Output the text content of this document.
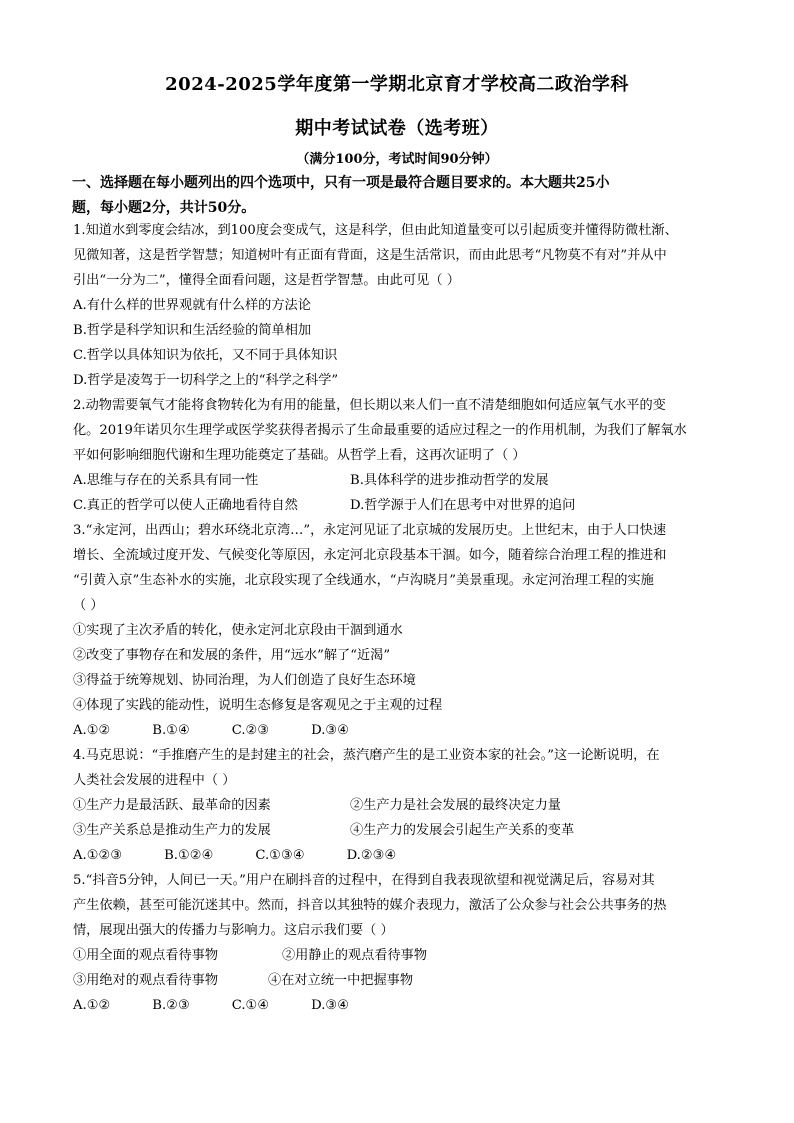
2024-2025学年度第一学期北京育才学校高二政治学科
期中考试试卷（选考班）
（满分100分，考试时间90分钟）
一、选择题在每小题列出的四个选项中，只有一项是最符合题目要求的。本大题共25小
题，每小题2分，共计50分。
1.知道水到零度会结冰，到100度会变成气，这是科学，但由此知道量变可以引起质变并懂得防微杜渐、
见微知著，这是哲学智慧；知道树叶有正面有背面，这是生活常识，而由此思考“凡物莫不有对”并从中
引出“一分为二”，懂得全面看问题，这是哲学智慧。由此可见（ ）
A.有什么样的世界观就有什么样的方法论
B.哲学是科学知识和生活经验的简单相加
C.哲学以具体知识为依托，又不同于具体知识
D.哲学是凌驾于一切科学之上的“科学之科学”
2.动物需要氧气才能将食物转化为有用的能量，但长期以来人们一直不清楚细胞如何适应氧气水平的变
化。2019年诺贝尔生理学或医学奖获得者揭示了生命最重要的适应过程之一的作用机制，为我们了解氧水
平如何影响细胞代谢和生理功能奠定了基础。从哲学上看，这再次证明了（ ）
A.思维与存在的关系具有同一性	B.具体科学的进步推动哲学的发展
C.真正的哲学可以使人正确地看待自然	D.哲学源于人们在思考中对世界的追问
3.“永定河，出西山；碧水环绕北京湾…”，永定河见证了北京城的发展历史。上世纪末，由于人口快速
增长、全流域过度开发、气候变化等原因，永定河北京段基本干涸。如今，随着综合治理工程的推进和
“引黄入京”生态补水的实施，北京段实现了全线通水，“卢沟晓月”美景重现。永定河治理工程的实施
（ ）
①实现了主次矛盾的转化，使永定河北京段由干涸到通水
②改变了事物存在和发展的条件，用“远水”解了“近渴”
③得益于统筹规划、协同治理，为人们创造了良好生态环境
④体现了实践的能动性，说明生态修复是客观见之于主观的过程
A.①②          B.①④          C.②③          D.③④
4.马克思说：“手推磨产生的是封建主的社会，蒸汽磨产生的是工业资本家的社会。”这一论断说明，在
人类社会发展的进程中（ ）
①生产力是最活跃、最革命的因素	②生产力是社会发展的最终决定力量
③生产关系总是推动生产力的发展	④生产力的发展会引起生产关系的变革
A.①②③          B.①②④          C.①③④          D.②③④
5.“抖音5分钟，人间已一天。”用户在刷抖音的过程中，在得到自我表现欲望和视觉满足后，容易对其
产生依赖，甚至可能沉迷其中。然而，抖音以其独特的媒介表现力，激活了公众参与社会公共事务的热
情，展现出强大的传播力与影响力。这启示我们要（ ）
①用全面的观点看待事物	②用静止的观点看待事物
③用绝对的观点看待事物	④在对立统一中把握事物
A.①②          B.②③          C.①④          D.③④
